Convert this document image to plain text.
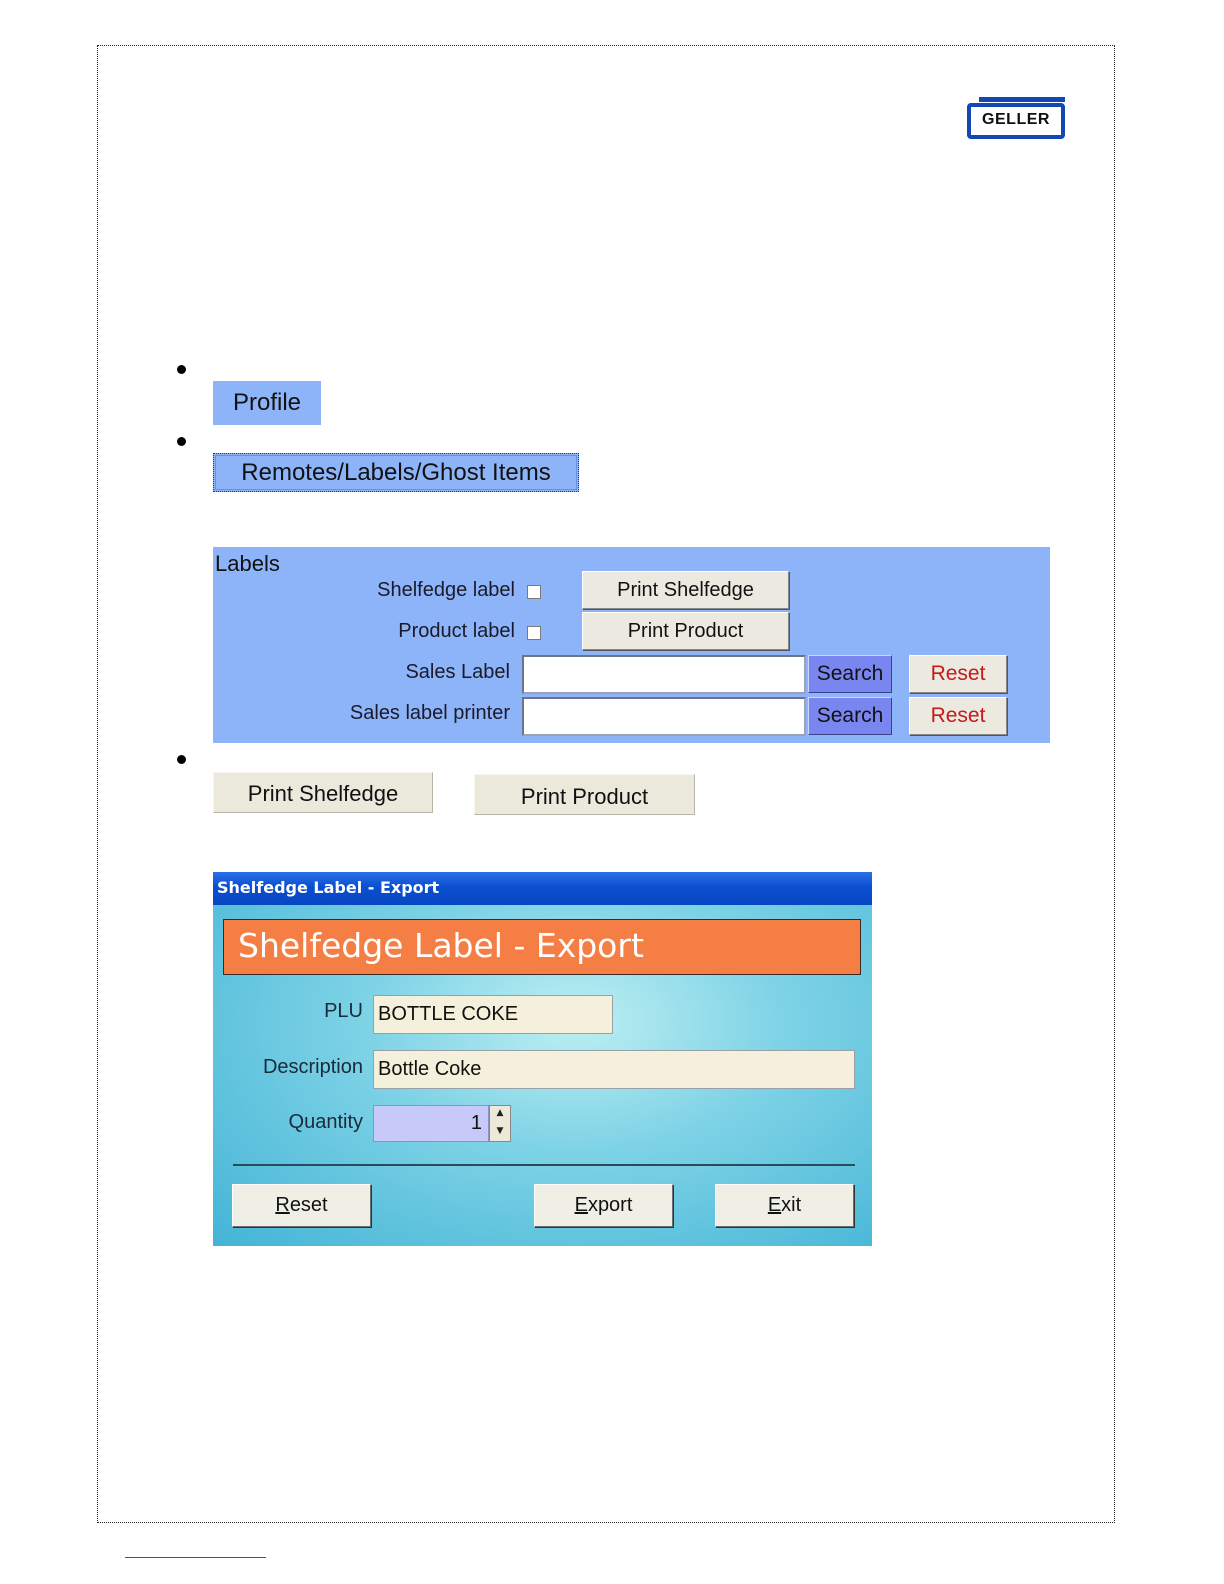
GELLER
Profile
Remotes/Labels/Ghost Items
Labels
Shelfedge label	Print Shelfedge
Product label	Print Product
Sales Label	Search	Reset
Sales label printer	Search	Reset
Print Shelfedge	Print Product
Shelfedge Label - Export
Shelfedge Label - Export
PLU BOTTLE COKE
Description Bottle Coke
Quantity	1	▲
▼
Reset	Export	Exit
